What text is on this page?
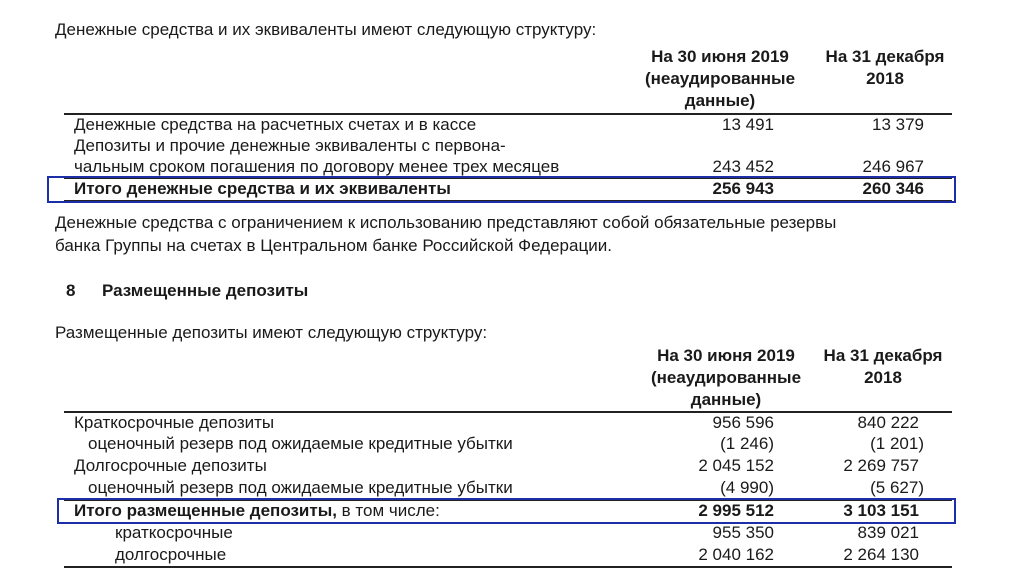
Денежные средства и их эквиваленты имеют следующую структуру:
На 30 июня 2019
(неаудированные
данные)
На 31 декабря
2018
Денежные средства на расчетных счетах и в кассе	13 491	13 379
Депозиты и прочие денежные эквиваленты с первона-
чальным сроком погашения по договору менее трех месяцев	243 452	246 967
Итого денежные средства и их эквиваленты	256 943	260 346
Денежные средства с ограничением к использованию представляют собой обязательные резервы
банка Группы на счетах в Центральном банке Российской Федерации.
8 Размещенные депозиты
Размещенные депозиты имеют следующую структуру:
На 30 июня 2019
(неаудированные
данные)
На 31 декабря
2018
Краткосрочные депозиты	956 596	840 222
оценочный резерв под ожидаемые кредитные убытки	(1 246)	(1 201)
Долгосрочные депозиты	2 045 152	2 269 757
оценочный резерв под ожидаемые кредитные убытки	(4 990)	(5 627)
Итого размещенные депозиты, в том числе:	2 995 512	3 103 151
краткосрочные	955 350	839 021
долгосрочные	2 040 162	2 264 130
